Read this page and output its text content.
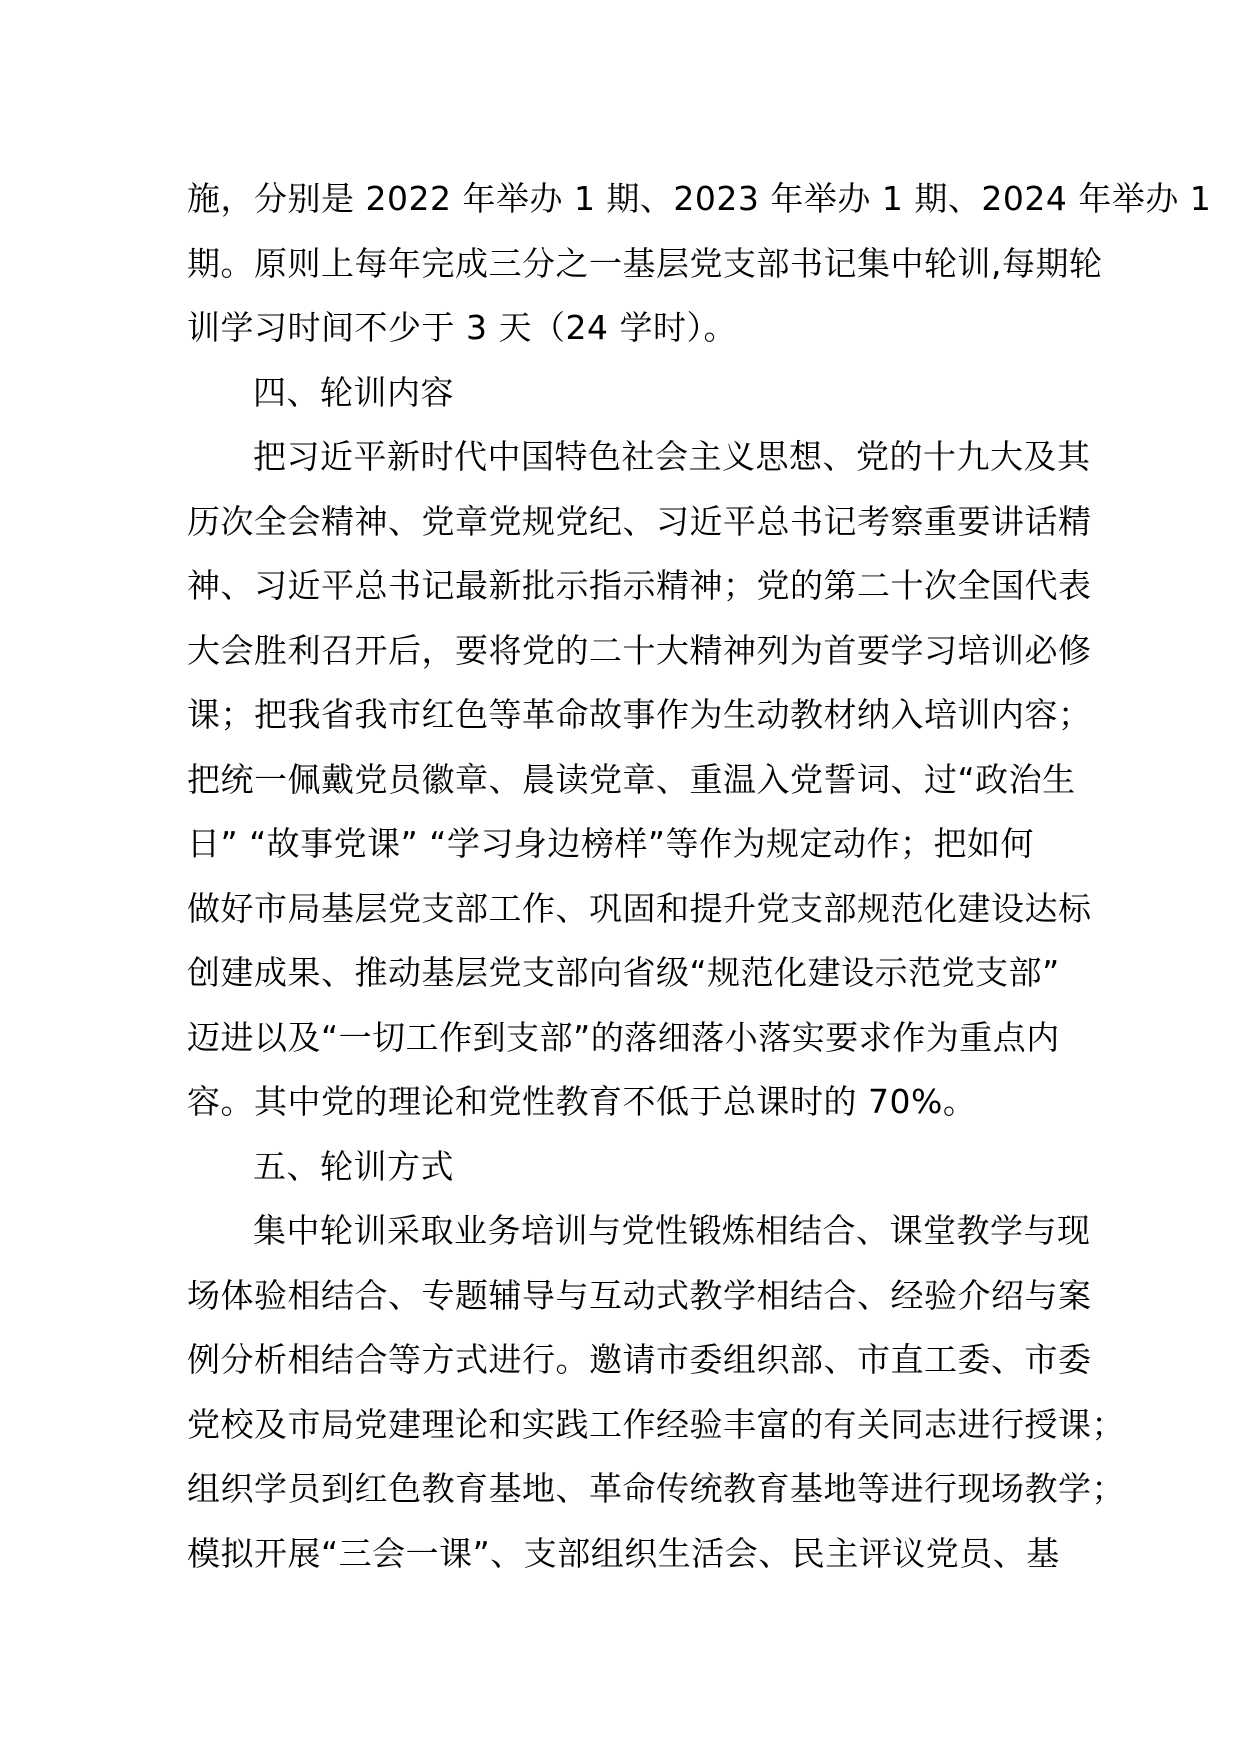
施，分别是 2022 年举办 1 期、2023 年举办 1 期、2024 年举办 1
期。原则上每年完成三分之一基层党支部书记集中轮训,每期轮
训学习时间不少于 3 天（24 学时）。
四、轮训内容
把习近平新时代中国特色社会主义思想、党的十九大及其
历次全会精神、党章党规党纪、习近平总书记考察重要讲话精
神、习近平总书记最新批示指示精神；党的第二十次全国代表
大会胜利召开后，要将党的二十大精神列为首要学习培训必修
课；把我省我市红色等革命故事作为生动教材纳入培训内容；
把统一佩戴党员徽章、晨读党章、重温入党誓词、过“政治生
日” “故事党课” “学习身边榜样”等作为规定动作；把如何
做好市局基层党支部工作、巩固和提升党支部规范化建设达标
创建成果、推动基层党支部向省级“规范化建设示范党支部”
迈进以及“一切工作到支部”的落细落小落实要求作为重点内
容。其中党的理论和党性教育不低于总课时的 70%。
五、轮训方式
集中轮训采取业务培训与党性锻炼相结合、课堂教学与现
场体验相结合、专题辅导与互动式教学相结合、经验介绍与案
例分析相结合等方式进行。邀请市委组织部、市直工委、市委
党校及市局党建理论和实践工作经验丰富的有关同志进行授课；
组织学员到红色教育基地、革命传统教育基地等进行现场教学；
模拟开展“三会一课”、支部组织生活会、民主评议党员、基
